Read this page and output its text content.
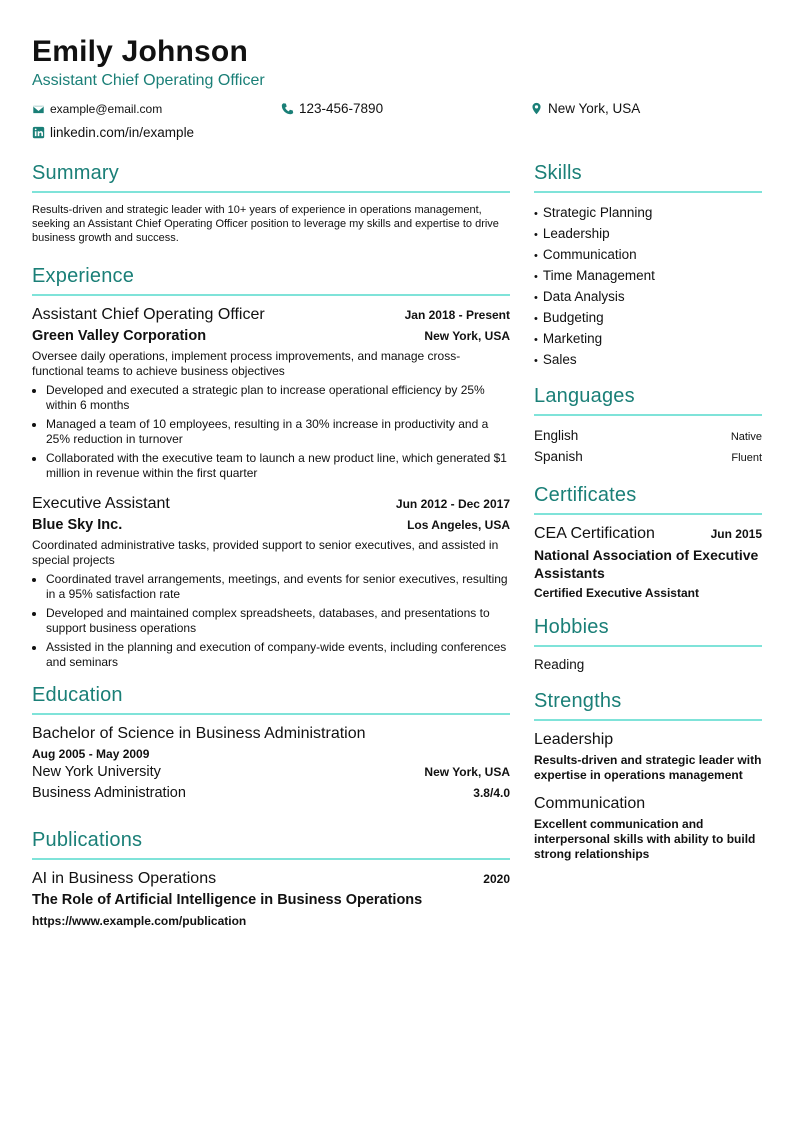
Emily Johnson
Assistant Chief Operating Officer
example@email.com	123-456-7890	New York, USA
linkedin.com/in/example
Summary
Results-driven and strategic leader with 10+ years of experience in operations management, seeking an Assistant Chief Operating Officer position to leverage my skills and expertise to drive business growth and success.
Experience
Assistant Chief Operating Officer	Jan 2018 - Present
Green Valley Corporation	New York, USA
Oversee daily operations, implement process improvements, and manage cross-functional teams to achieve business objectives
• Developed and executed a strategic plan to increase operational efficiency by 25% within 6 months
• Managed a team of 10 employees, resulting in a 30% increase in productivity and a 25% reduction in turnover
• Collaborated with the executive team to launch a new product line, which generated $1 million in revenue within the first quarter
Executive Assistant	Jun 2012 - Dec 2017
Blue Sky Inc.	Los Angeles, USA
Coordinated administrative tasks, provided support to senior executives, and assisted in special projects
• Coordinated travel arrangements, meetings, and events for senior executives, resulting in a 95% satisfaction rate
• Developed and maintained complex spreadsheets, databases, and presentations to support business operations
• Assisted in the planning and execution of company-wide events, including conferences and seminars
Education
Bachelor of Science in Business Administration
Aug 2005 - May 2009
New York University	New York, USA
Business Administration	3.8/4.0
Publications
AI in Business Operations	2020
The Role of Artificial Intelligence in Business Operations
https://www.example.com/publication
Skills
• Strategic Planning
• Leadership
• Communication
• Time Management
• Data Analysis
• Budgeting
• Marketing
• Sales
Languages
English	Native
Spanish	Fluent
Certificates
CEA Certification	Jun 2015
National Association of Executive Assistants
Certified Executive Assistant
Hobbies
Reading
Strengths
Leadership
Results-driven and strategic leader with expertise in operations management
Communication
Excellent communication and interpersonal skills with ability to build strong relationships
